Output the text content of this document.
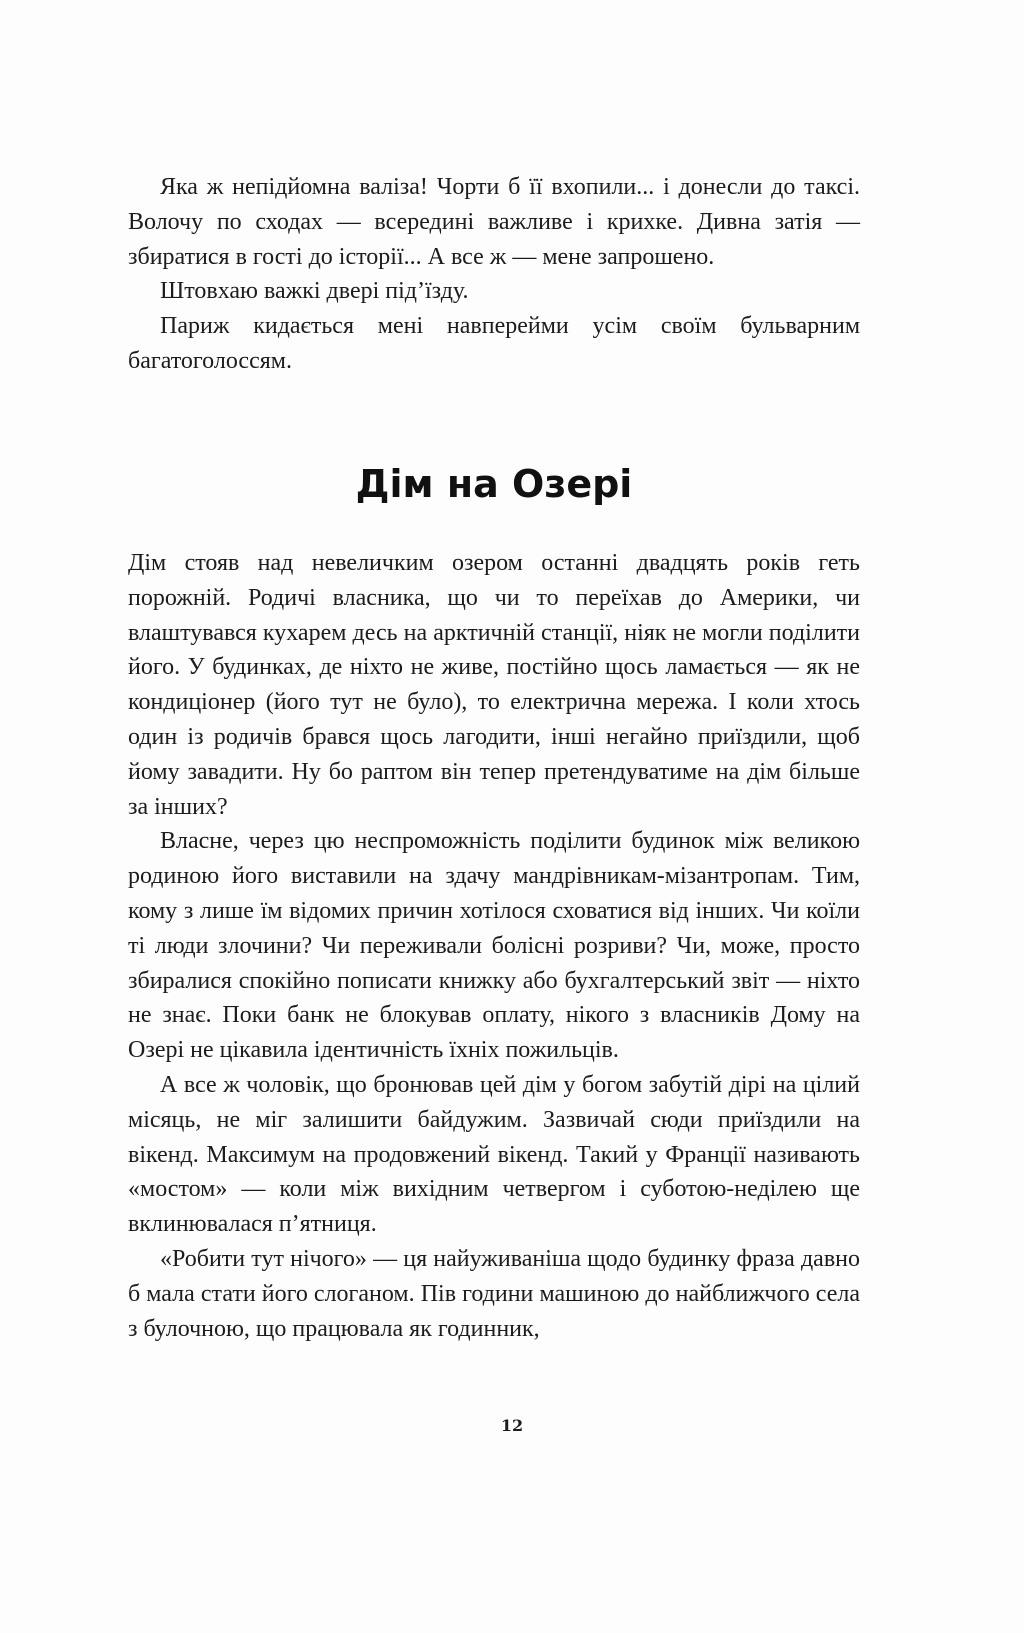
Яка ж непідйомна валіза! Чорти б її вхопили... і донесли до таксі. Волочу по сходах — всередині важливе і крихке. Дивна затія — збиратися в гості до історії... А все ж — мене запрошено.

Штовхаю важкі двері під’їзду.

Париж кидається мені навперейми усім своїм бульварним багатоголоссям.

Дім на Озері

Дім стояв над невеличким озером останні двадцять років геть порожній. Родичі власника, що чи то переїхав до Америки, чи влаштувався кухарем десь на арктичній станції, ніяк не могли поділити його. У будинках, де ніхто не живе, постійно щось ламається — як не кондиціонер (його тут не було), то електрична мережа. І коли хтось один із родичів брався щось лагодити, інші негайно приїздили, щоб йому завадити. Ну бо раптом він тепер претендуватиме на дім більше за інших?

Власне, через цю неспроможність поділити будинок між великою родиною його виставили на здачу мандрівникам-мізантропам. Тим, кому з лише їм відомих причин хотілося сховатися від інших. Чи коїли ті люди злочини? Чи переживали болісні розриви? Чи, може, просто збиралися спокійно пописати книжку або бухгалтерський звіт — ніхто не знає. Поки банк не блокував оплату, нікого з власників Дому на Озері не цікавила ідентичність їхніх пожильців.

А все ж чоловік, що бронював цей дім у богом забутій дірі на цілий місяць, не міг залишити байдужим. Зазвичай сюди приїздили на вікенд. Максимум на продовжений вікенд. Такий у Франції називають «мостом» — коли між вихідним четвергом і суботою-неділею ще вклинювалася п’ятниця.

«Робити тут нічого» — ця найуживаніша щодо будинку фраза давно б мала стати його слоганом. Пів години машиною до найближчого села з булочною, що працювала як годинник,

12
